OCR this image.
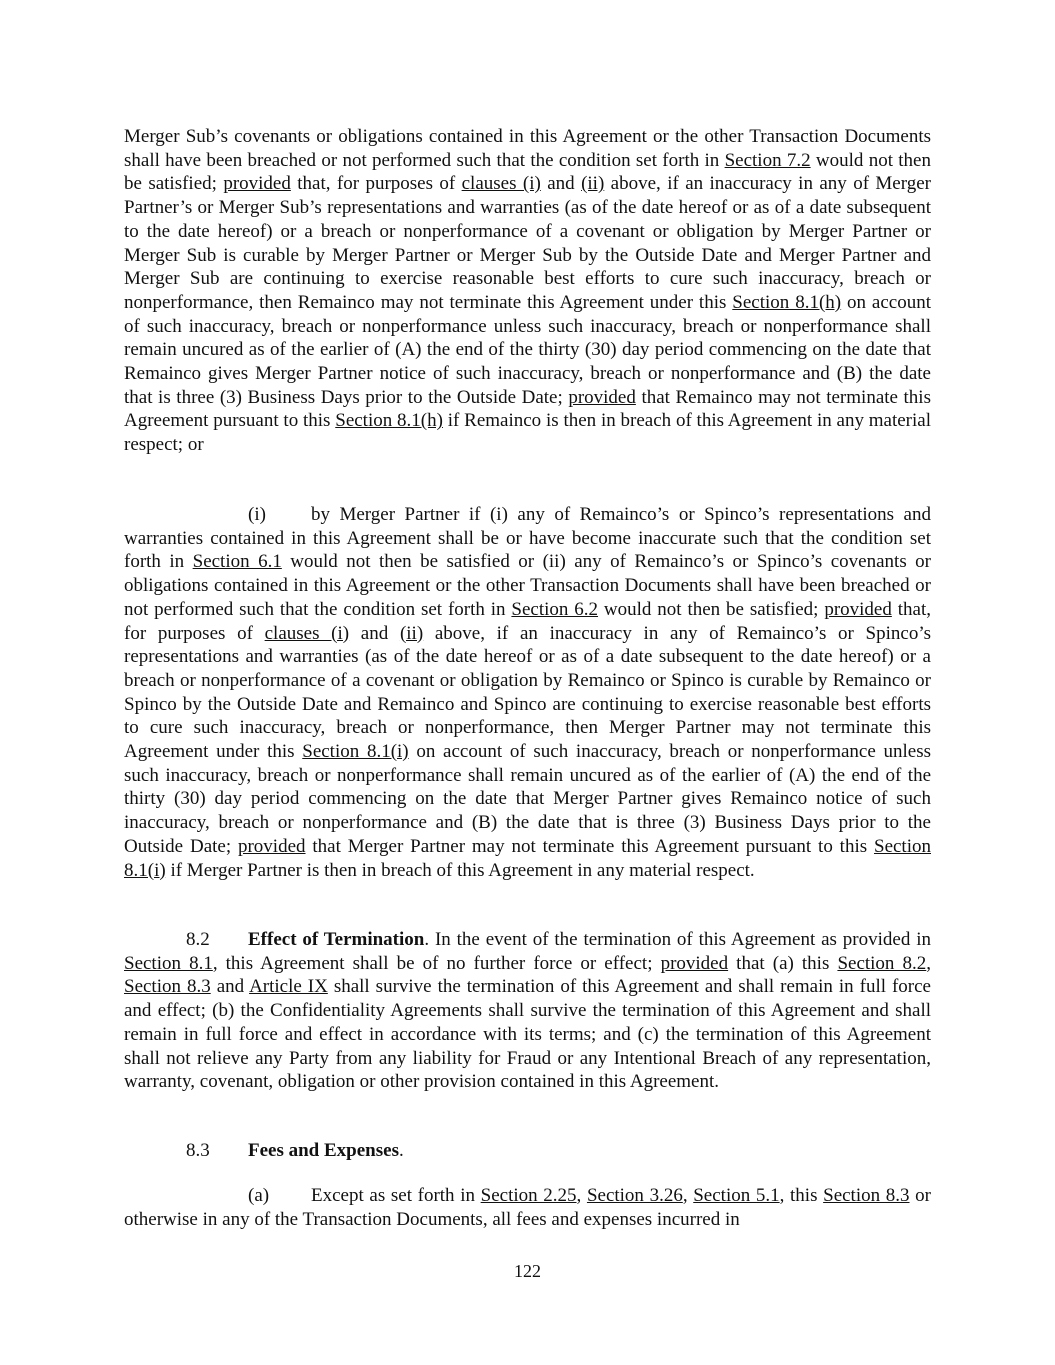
Merger Sub’s covenants or obligations contained in this Agreement or the other Transaction Documents shall have been breached or not performed such that the condition set forth in Section 7.2 would not then be satisfied; provided that, for purposes of clauses (i) and (ii) above, if an inaccuracy in any of Merger Partner’s or Merger Sub’s representations and warranties (as of the date hereof or as of a date subsequent to the date hereof) or a breach or nonperformance of a covenant or obligation by Merger Partner or Merger Sub is curable by Merger Partner or Merger Sub by the Outside Date and Merger Partner and Merger Sub are continuing to exercise reasonable best efforts to cure such inaccuracy, breach or nonperformance, then Remainco may not terminate this Agreement under this Section 8.1(h) on account of such inaccuracy, breach or nonperformance unless such inaccuracy, breach or nonperformance shall remain uncured as of the earlier of (A) the end of the thirty (30) day period commencing on the date that Remainco gives Merger Partner notice of such inaccuracy, breach or nonperformance and (B) the date that is three (3) Business Days prior to the Outside Date; provided that Remainco may not terminate this Agreement pursuant to this Section 8.1(h) if Remainco is then in breach of this Agreement in any material respect; or

(i) by Merger Partner if (i) any of Remainco’s or Spinco’s representations and warranties contained in this Agreement shall be or have become inaccurate such that the condition set forth in Section 6.1 would not then be satisfied or (ii) any of Remainco’s or Spinco’s covenants or obligations contained in this Agreement or the other Transaction Documents shall have been breached or not performed such that the condition set forth in Section 6.2 would not then be satisfied; provided that, for purposes of clauses (i) and (ii) above, if an inaccuracy in any of Remainco’s or Spinco’s representations and warranties (as of the date hereof or as of a date subsequent to the date hereof) or a breach or nonperformance of a covenant or obligation by Remainco or Spinco is curable by Remainco or Spinco by the Outside Date and Remainco and Spinco are continuing to exercise reasonable best efforts to cure such inaccuracy, breach or nonperformance, then Merger Partner may not terminate this Agreement under this Section 8.1(i) on account of such inaccuracy, breach or nonperformance unless such inaccuracy, breach or nonperformance shall remain uncured as of the earlier of (A) the end of the thirty (30) day period commencing on the date that Merger Partner gives Remainco notice of such inaccuracy, breach or nonperformance and (B) the date that is three (3) Business Days prior to the Outside Date; provided that Merger Partner may not terminate this Agreement pursuant to this Section 8.1(i) if Merger Partner is then in breach of this Agreement in any material respect.

8.2 Effect of Termination. In the event of the termination of this Agreement as provided in Section 8.1, this Agreement shall be of no further force or effect; provided that (a) this Section 8.2, Section 8.3 and Article IX shall survive the termination of this Agreement and shall remain in full force and effect; (b) the Confidentiality Agreements shall survive the termination of this Agreement and shall remain in full force and effect in accordance with its terms; and (c) the termination of this Agreement shall not relieve any Party from any liability for Fraud or any Intentional Breach of any representation, warranty, covenant, obligation or other provision contained in this Agreement.

8.3 Fees and Expenses.

(a) Except as set forth in Section 2.25, Section 3.26, Section 5.1, this Section 8.3 or otherwise in any of the Transaction Documents, all fees and expenses incurred in

122
